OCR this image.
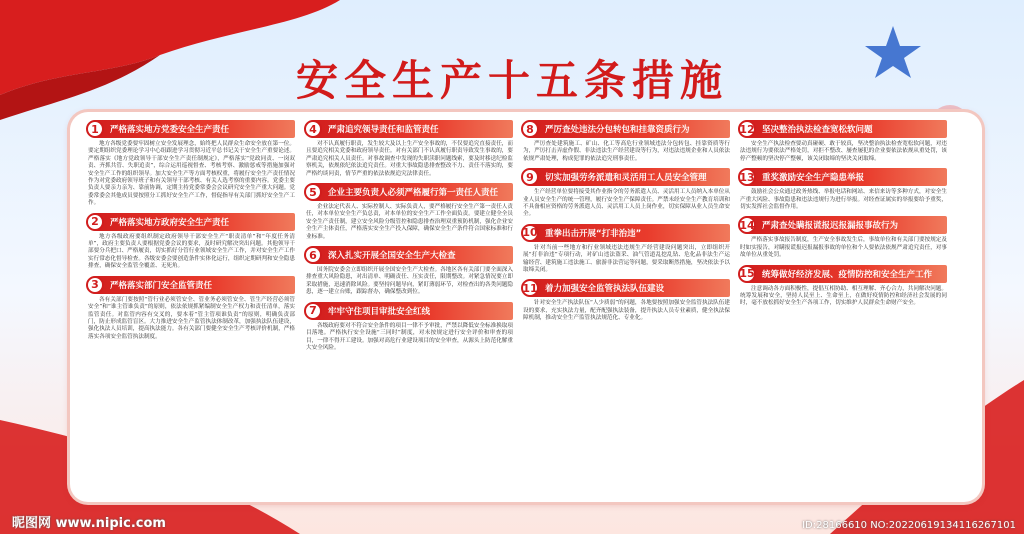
安全生产十五条措施
1	严格落实地方党委安全生产责任
地方各级党委要牢固树立安全发展理念，始终把人民群众生命安全放在第一位。要定期组织党委理论学习中心组跟进学习贯彻习近平总书记关于安全生产重要论述。严格落实《地方党政领导干部安全生产责任制规定》，严格落实“党政同责、一岗双责、齐抓共管、失职追责”，综合运用巡视督查、考核考察、激励惩戒等措施加强对安全生产工作的组织领导。加大安全生产等方面考核权重，将履行安全生产责任情况作为对党委政府领导班子和有关领导干部考核、有关人选考察的重要内容。党委主要负责人要亲力亲为、靠前协调，定期主持党委常委会会议研究安全生产重大问题。党委常委会其他成员要按照分工抓好安全生产工作，督促指导有关部门抓好安全生产工作。
2	严格落实地方政府安全生产责任
地方各级政府要组织制定政府领导干部安全生产“职责清单”和“年度任务清单”，政府主要负责人要根据党委会议的要求，及时研究解决突出问题。其他领导干部要分兵把口、严格履责，切实抓好分管行业领域安全生产工作，并对安全生产工作实行常态化督导检查。各级安委会要创造条件实体化运行，组织定期研判和安全隐患排查，确保安全监管全覆盖、无死角。
3	严格落实部门安全监管责任
各有关部门要按照“管行业必须管安全、管业务必须管安全、管生产经营必须管安全”和“谁主管谁负责”的原则，依法依规抓紧编制安全生产权力和责任清单，落实监管责任。对监管内容有交叉的，要本着“管主管项谁负责”的原则，明确负责部门，防止形成监管盲区。大力推进安全生产监管执法体制改革，加强执法队伍建设，强化执法人员培训，提高执法能力。各有关部门要健全安全生产考核评价机制，严格落实各项安全监管执法制度。
4	严肃追究领导责任和监管责任
对不认真履行职责，发生较大及以上生产安全事故的，不仅要追究直接责任，而且要追究相关党委和政府领导责任。对有关部门不认真履行职责导致发生事故的，要严肃追究相关人员责任。对事故调查中发现的失职渎职问题线索，要及时移送纪检监察机关，依规依纪依法追究责任。对重大事故隐患排查整改不力、责任不落实的，要严格约谈问责，情节严重的依法依规追究法律责任。
5	企业主要负责人必须严格履行第一责任人责任
企业法定代表人、实际控制人、实际负责人，要严格履行安全生产第一责任人责任，对本单位安全生产负总责，对本单位的安全生产工作全面负责。要建立健全全员安全生产责任制，建立安全风险分级管控和隐患排查治理双重预防机制，强化企业安全生产主体责任，严格落实安全生产投入保障，确保安全生产条件符合国家标准和行业标准。
6	深入扎实开展全国安全生产大检查
国务院安委会立即组织开展全国安全生产大检查。各地区各有关部门要全面深入排查重大风险隐患，对出清单、明确责任、压实责任，限期整改。对紧急情况要立即采取措施，迅速消除风险。要坚持问题导向，紧盯薄弱环节，对检查出的各类问题隐患，逐一建立台账，跟踪督办，确保整改到位。
7	牢牢守住项目审批安全红线
各级政府要对不符合安全条件的项目一律不予审批，严禁以降低安全标准换取项目落地。严格执行安全设施“三同时”制度，对未按规定进行安全评价和审查的项目，一律不得开工建设。加强对高危行业建设项目的安全审查，从源头上防范化解重大安全风险。
8	严厉查处违法分包转包和挂靠资质行为
严厉查处建筑施工、矿山、化工等高危行业领域违法分包转包、挂靠资质等行为，严厉打击弄虚作假、非法违法生产经营建设等行为，对违法违规企业和人员依法依规严肃处理，构成犯罪的依法追究刑事责任。
9	切实加强劳务派遣和灵活用工人员安全管理
生产经营单位要将接受其作业指令的劳务派遣人员、灵活用工人员纳入本单位从业人员安全生产的统一管理，履行安全生产保障责任。严禁未经安全生产教育培训和不具备相应资格的劳务派遣人员、灵活用工人员上岗作业，切实保障从业人员生命安全。
10 重拳出击开展“打非治违”
针对当前一些地方和行业领域违法违规生产经营建设问题突出，立即组织开展“打非治违”专项行动，对矿山违法盗采、油气管道乱挖乱钻、危化品非法生产运输经营、建筑施工违法施工、旅游非法营运等问题，要采取断然措施，坚决依法予以取缔关闭。
11 着力加强安全监管执法队伍建设
针对安全生产执法队伍“人少质弱”的问题，各地要按照加强安全监管执法队伍建设的要求，充实执法力量，配齐配强执法装备，提升执法人员专业素质，健全执法保障机制，推动安全生产监管执法规范化、专业化。
12 坚决整治执法检查宽松软问题
安全生产执法检查要动真碰硬、敢于较真，坚决整治执法检查宽松软问题，对违法违规行为要依法严格处罚，对拒不整改、屡查屡犯的企业要依法依规从重处罚，该停产整顿的坚决停产整顿，该关闭取缔的坚决关闭取缔。
13 重奖激励安全生产隐患举报
鼓励社会公众通过政务热线、举报电话和网站、来信来访等多种方式，对安全生产重大风险、事故隐患和违法违规行为进行举报。对经查证属实的举报要给予重奖，切实发挥社会监督作用。
14 严肃查处瞒报谎报迟报漏报事故行为
严格落实事故报告制度，生产安全事故发生后，事故单位和有关部门要按规定及时如实报告，对瞒报谎报迟报漏报事故的单位和个人要依法依规严肃追究责任，对事故单位从重处罚。
15 统筹做好经济发展、疫情防控和安全生产工作
注意调动各方面积极性，提倡互相协助、相互理解、齐心合力，共同解决问题。统筹发展和安全，坚持人民至上、生命至上，在做好疫情防控和经济社会发展的同时，毫不放松抓好安全生产各项工作，切实维护人民群众生命财产安全。
昵图网 www.nipic.com	ID:28166610 NO:20220619134116267101
